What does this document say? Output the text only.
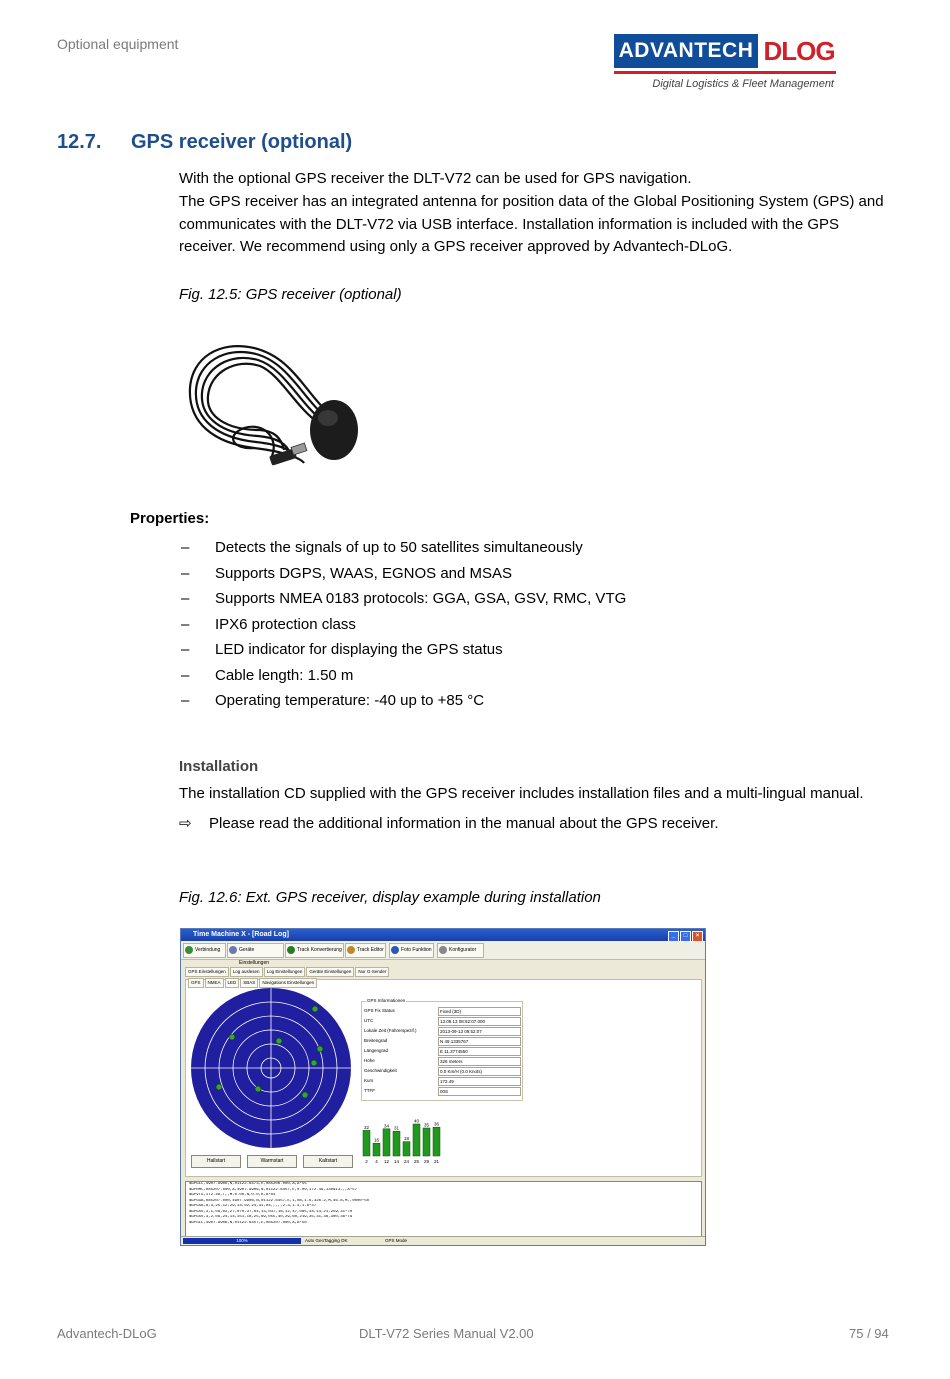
Optional equipment	ADVANTECH DLOG
Digital Logistics & Fleet Management
12.7. GPS receiver (optional)
With the optional GPS receiver the DLT-V72 can be used for GPS navigation.
The GPS receiver has an integrated antenna for position data of the Global Positioning System (GPS) and communicates with the DLT-V72 via USB interface. Installation information is included with the GPS receiver. We recommend using only a GPS receiver approved by Advantech-DLoG.
Fig. 12.5: GPS receiver (optional)
Properties:
– Detects the signals of up to 50 satellites simultaneously
– Supports DGPS, WAAS, EGNOS and MSAS
– Supports NMEA 0183 protocols: GGA, GSA, GSV, RMC, VTG
– IPX6 protection class
– LED indicator for displaying the GPS status
– Cable length: 1.50 m
– Operating temperature: -40 up to +85 °C
Installation
The installation CD supplied with the GPS receiver includes installation files and a multi-lingual manual.
⇨ Please read the additional information in the manual about the GPS receiver.
Fig. 12.6: Ext. GPS receiver, display example during installation
Time Machine X - [Road Log]	_ □ ×
Verbindung	Geräte Einstellungen
Track Konvertierung	Track Editor	Foto Funktion	Konfigurator
GPS Einstellungen Log auslesen Log Einstellungen Geräte Einstellungen Nur G-Sender
GPS NMEA LED SBAS Navigations Einstellungen
Hallstart	Warmstart	Kaltstart
GPS Informationen
GPS Fix Status	Fixed (3D)
UTC	13.09.13 08:52:07.000
Lokale Zeit (Fahrerspezif.)	2013-09-13 09:52:07
Breitengrad	N 49.1335767
Längengrad	E 11.3774550
Höhe	326 meters
Geschwindigkeit	0.0 Km/H (0.0 Knots)
Kurs	172.49
TTFF	00S
32
2
16
4
34
12
31
14
18
24
40
25
35
29
36
31
$GPGLL,4907.9906,N,01122.6473,E,085206.000,A,A*55
$GPRMC,085207.000,A,4907.9906,N,01122.6457,E,0.00,172.49,130913,,,A*57
$GPVTG,172.49,T,,M,0.00,N,0.0,K,A*04
$GPGGA,085207.000,4907.9906,N,01122.6457,E,1,08,1.6,326.2,M,46.8,M,,0000*50
$GPGSA,A,3,25,12,29,14,02,24,31,04,,,,,2.3,1.4,1.8*37
$GPGSV,3,1,09,02,27,070,37,04,13,037,16,12,47,085,34,14,21,259,31*70
$GPGSV,3,2,09,24,14,151,18,25,69,055,40,29,60,219,35,31,36,300,36*79
$GPGLL,4907.9906,N,01122.6457,E,085207.000,A,A*50
100%	Auto GeoTagging OK	GPS Mode
Advantech-DLoG	DLT-V72 Series Manual V2.00	75 / 94
